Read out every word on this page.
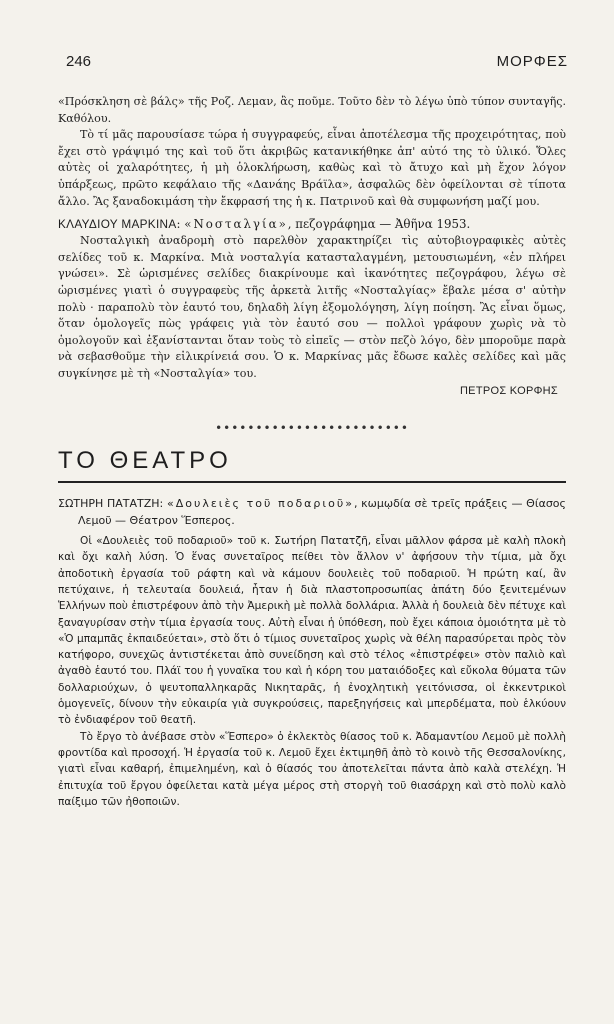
246	ΜΟΡΦΕΣ

«Πρόσκληση σὲ βάλς» τῆς Ροζ. Λεμαν, ἂς ποῦμε. Τοῦτο δὲν τὸ λέγω ὑπὸ τύπον συνταγῆς. Καθόλου.

Τὸ τί μᾶς παρουσίασε τώρα ἡ συγγραφεύς, εἶναι ἀποτέλεσμα τῆς προχειρότητας, ποὺ ἔχει στὸ γράψιμό της καὶ τοῦ ὅτι ἀκριβῶς κατανικήθηκε ἀπ' αὐτό της τὸ ὑλικό. Ὅλες αὐτὲς οἱ χαλαρότητες, ἡ μὴ ὁλοκλήρωση, καθὼς καὶ τὸ ἄτυχο καὶ μὴ ἔχον λόγον ὑπάρξεως, πρῶτο κεφάλαιο τῆς «Δανάης Βράϊλα», ἀσφαλῶς δὲν ὀφείλονται σὲ τίποτα ἄλλο. Ἂς ξαναδοκιμάση τὴν ἔκφρασή της ἡ κ. Πατρινοῦ καὶ θὰ συμφωνήση μαζί μου.

ΚΛΑΥΔΙΟΥ ΜΑΡΚΙΝΑ: «Νοσταλγία», πεζογράφημα — Ἀθῆνα 1953.

Νοσταλγικὴ ἀναδρομὴ στὸ παρελθὸν χαρακτηρίζει τὶς αὐτοβιογραφικὲς αὐτὲς σελίδες τοῦ κ. Μαρκίνα. Μιὰ νοσταλγία κατασταλαγμένη, μετουσιωμένη, «ἐν πλήρει γνώσει». Σὲ ὡρισμένες σελίδες διακρίνουμε καὶ ἱκανότητες πεζογράφου, λέγω σὲ ὡρισμένες γιατὶ ὁ συγγραφεὺς τῆς ἀρκετὰ λιτῆς «Νοσταλγίας» ἔβαλε μέσα σ' αὐτὴν πολὺ · παραπολὺ τὸν ἑαυτό του, δηλαδὴ λίγη ἐξομολόγηση, λίγη ποίηση. Ἂς εἶναι ὅμως, ὅταν ὁμολογεῖς πὼς γράφεις γιὰ τὸν ἑαυτό σου — πολλοὶ γράφουν χωρὶς νὰ τὸ ὁμολογοῦν καὶ ἐξανίστανται ὅταν τοὺς τὸ εἰπεῖς — στὸν πεζὸ λόγο, δὲν μποροῦμε παρὰ νὰ σεβασθοῦμε τὴν εἰλικρίνειά σου. Ὁ κ. Μαρκίνας μᾶς ἔδωσε καλὲς σελίδες καὶ μᾶς συγκίνησε μὲ τὴ «Νοσταλγία» του.

ΠΕΤΡΟΣ ΚΟΡΦΗΣ

••••••••••••••••••••••••
ΤΟ ΘΕΑΤΡΟ

ΣΩΤΗΡΗ ΠΑΤΑΤΖΗ: «Δουλειὲς τοῦ ποδαριοῦ», κωμῳδία σὲ τρεῖς πράξεις — Θίασος Λεμοῦ — Θέατρον Ἕσπερος.

Οἱ «Δουλειὲς τοῦ ποδαριοῦ» τοῦ κ. Σωτήρη Πατατζῆ, εἶναι μᾶλλον φάρσα μὲ καλὴ πλοκὴ καὶ ὄχι καλὴ λύση. Ὁ ἕνας συνεταῖρος πείθει τὸν ἄλλον ν' ἀφήσουν τὴν τίμια, μὰ ὄχι ἀποδοτικὴ ἐργασία τοῦ ράφτη καὶ νὰ κάμουν δουλειὲς τοῦ ποδαριοῦ. Ἡ πρώτη καί, ἂν πετύχαινε, ἡ τελευταία δουλειά, ἦταν ἡ διὰ πλαστοπροσωπίας ἀπάτη δύο ξενιτεμένων Ἑλλήνων ποὺ ἐπιστρέφουν ἀπὸ τὴν Ἀμερικὴ μὲ πολλὰ δολλάρια. Ἀλλὰ ἡ δουλειὰ δὲν πέτυχε καὶ ξαναγυρίσαν στὴν τίμια ἐργασία τους. Αὐτὴ εἶναι ἡ ὑπόθεση, ποὺ ἔχει κάποια ὁμοιότητα μὲ τὸ «Ὁ μπαμπᾶς ἐκπαιδεύεται», στὸ ὅτι ὁ τίμιος συνεταῖρος χωρὶς νὰ θέλη παρασύρεται πρὸς τὸν κατήφορο, συνεχῶς ἀντιστέκεται ἀπὸ συνείδηση καὶ στὸ τέλος «ἐπιστρέφει» στὸν παλιὸ καὶ ἀγαθὸ ἑαυτό του. Πλάϊ του ἡ γυναῖκα του καὶ ἡ κόρη του ματαιόδοξες καὶ εὔκολα θύματα τῶν δολλαριούχων, ὁ ψευτοπαλληκαρᾶς Νικηταρᾶς, ἡ ἐνοχλητικὴ γειτόνισσα, οἱ ἐκκεντρικοὶ ὁμογενεῖς, δίνουν τὴν εὐκαιρία γιὰ συγκρούσεις, παρεξηγήσεις καὶ μπερδέματα, ποὺ ἑλκύουν τὸ ἐνδιαφέρον τοῦ θεατῆ.

Τὸ ἔργο τὸ ἀνέβασε στὸν «Ἕσπερο» ὁ ἐκλεκτὸς θίασος τοῦ κ. Ἀδαμαντίου Λεμοῦ μὲ πολλὴ φροντίδα καὶ προσοχή. Ἡ ἐργασία τοῦ κ. Λεμοῦ ἔχει ἐκτιμηθῆ ἀπὸ τὸ κοινὸ τῆς Θεσσαλονίκης, γιατὶ εἶναι καθαρή, ἐπιμελημένη, καὶ ὁ θίασός του ἀποτελεῖται πάντα ἀπὸ καλὰ στελέχη. Ἡ ἐπιτυχία τοῦ ἔργου ὀφείλεται κατὰ μέγα μέρος στὴ στοργὴ τοῦ θιασάρχη καὶ στὸ πολὺ καλὸ παίξιμο τῶν ἠθοποιῶν.
